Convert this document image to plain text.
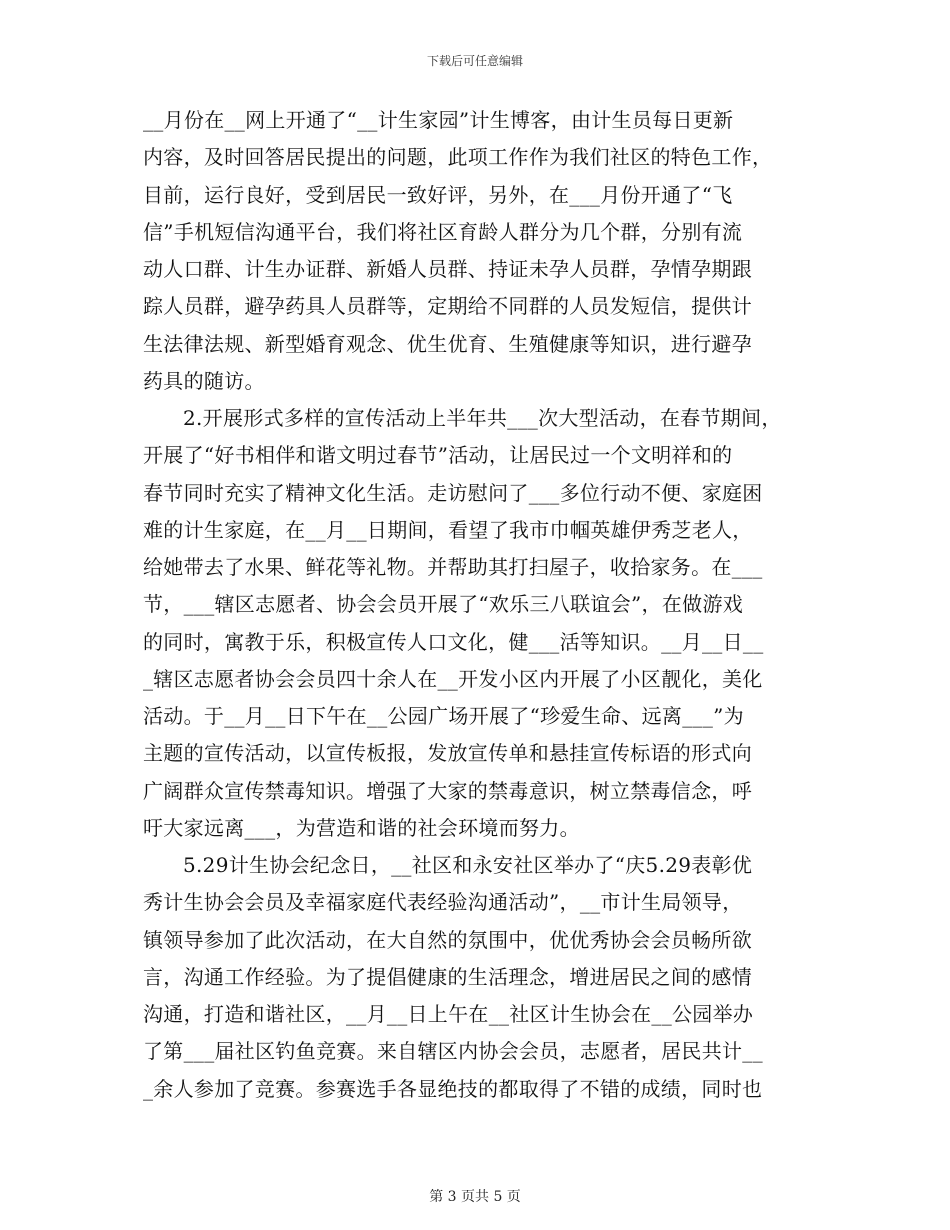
下载后可任意编辑
__月份在__网上开通了“__计生家园”计生博客，由计生员每日更新
内容，及时回答居民提出的问题，此项工作作为我们社区的特色工作，
目前，运行良好，受到居民一致好评，另外，在___月份开通了“飞
信”手机短信沟通平台，我们将社区育龄人群分为几个群，分别有流
动人口群、计生办证群、新婚人员群、持证未孕人员群，孕情孕期跟
踪人员群，避孕药具人员群等，定期给不同群的人员发短信，提供计
生法律法规、新型婚育观念、优生优育、生殖健康等知识，进行避孕
药具的随访。
2.开展形式多样的宣传活动上半年共___次大型活动，在春节期间，
开展了“好书相伴和谐文明过春节”活动，让居民过一个文明祥和的
春节同时充实了精神文化生活。走访慰问了___多位行动不便、家庭困
难的计生家庭，在__月__日期间，看望了我市巾帼英雄伊秀芝老人，
给她带去了水果、鲜花等礼物。并帮助其打扫屋子，收拾家务。在___
节，___辖区志愿者、协会会员开展了“欢乐三八联谊会”，在做游戏
的同时，寓教于乐，积极宣传人口文化，健___活等知识。__月__日__
_辖区志愿者协会会员四十余人在__开发小区内开展了小区靓化，美化
活动。于__月__日下午在__公园广场开展了“珍爱生命、远离___”为
主题的宣传活动，以宣传板报，发放宣传单和悬挂宣传标语的形式向
广阔群众宣传禁毒知识。增强了大家的禁毒意识，树立禁毒信念，呼
吁大家远离___，为营造和谐的社会环境而努力。
5.29计生协会纪念日，__社区和永安社区举办了“庆5.29表彰优
秀计生协会会员及幸福家庭代表经验沟通活动”，__市计生局领导，
镇领导参加了此次活动，在大自然的氛围中，优优秀协会会员畅所欲
言，沟通工作经验。为了提倡健康的生活理念，增进居民之间的感情
沟通，打造和谐社区，__月__日上午在__社区计生协会在__公园举办
了第___届社区钓鱼竞赛。来自辖区内协会会员，志愿者，居民共计__
_余人参加了竞赛。参赛选手各显绝技的都取得了不错的成绩，同时也
第 3 页共 5 页
